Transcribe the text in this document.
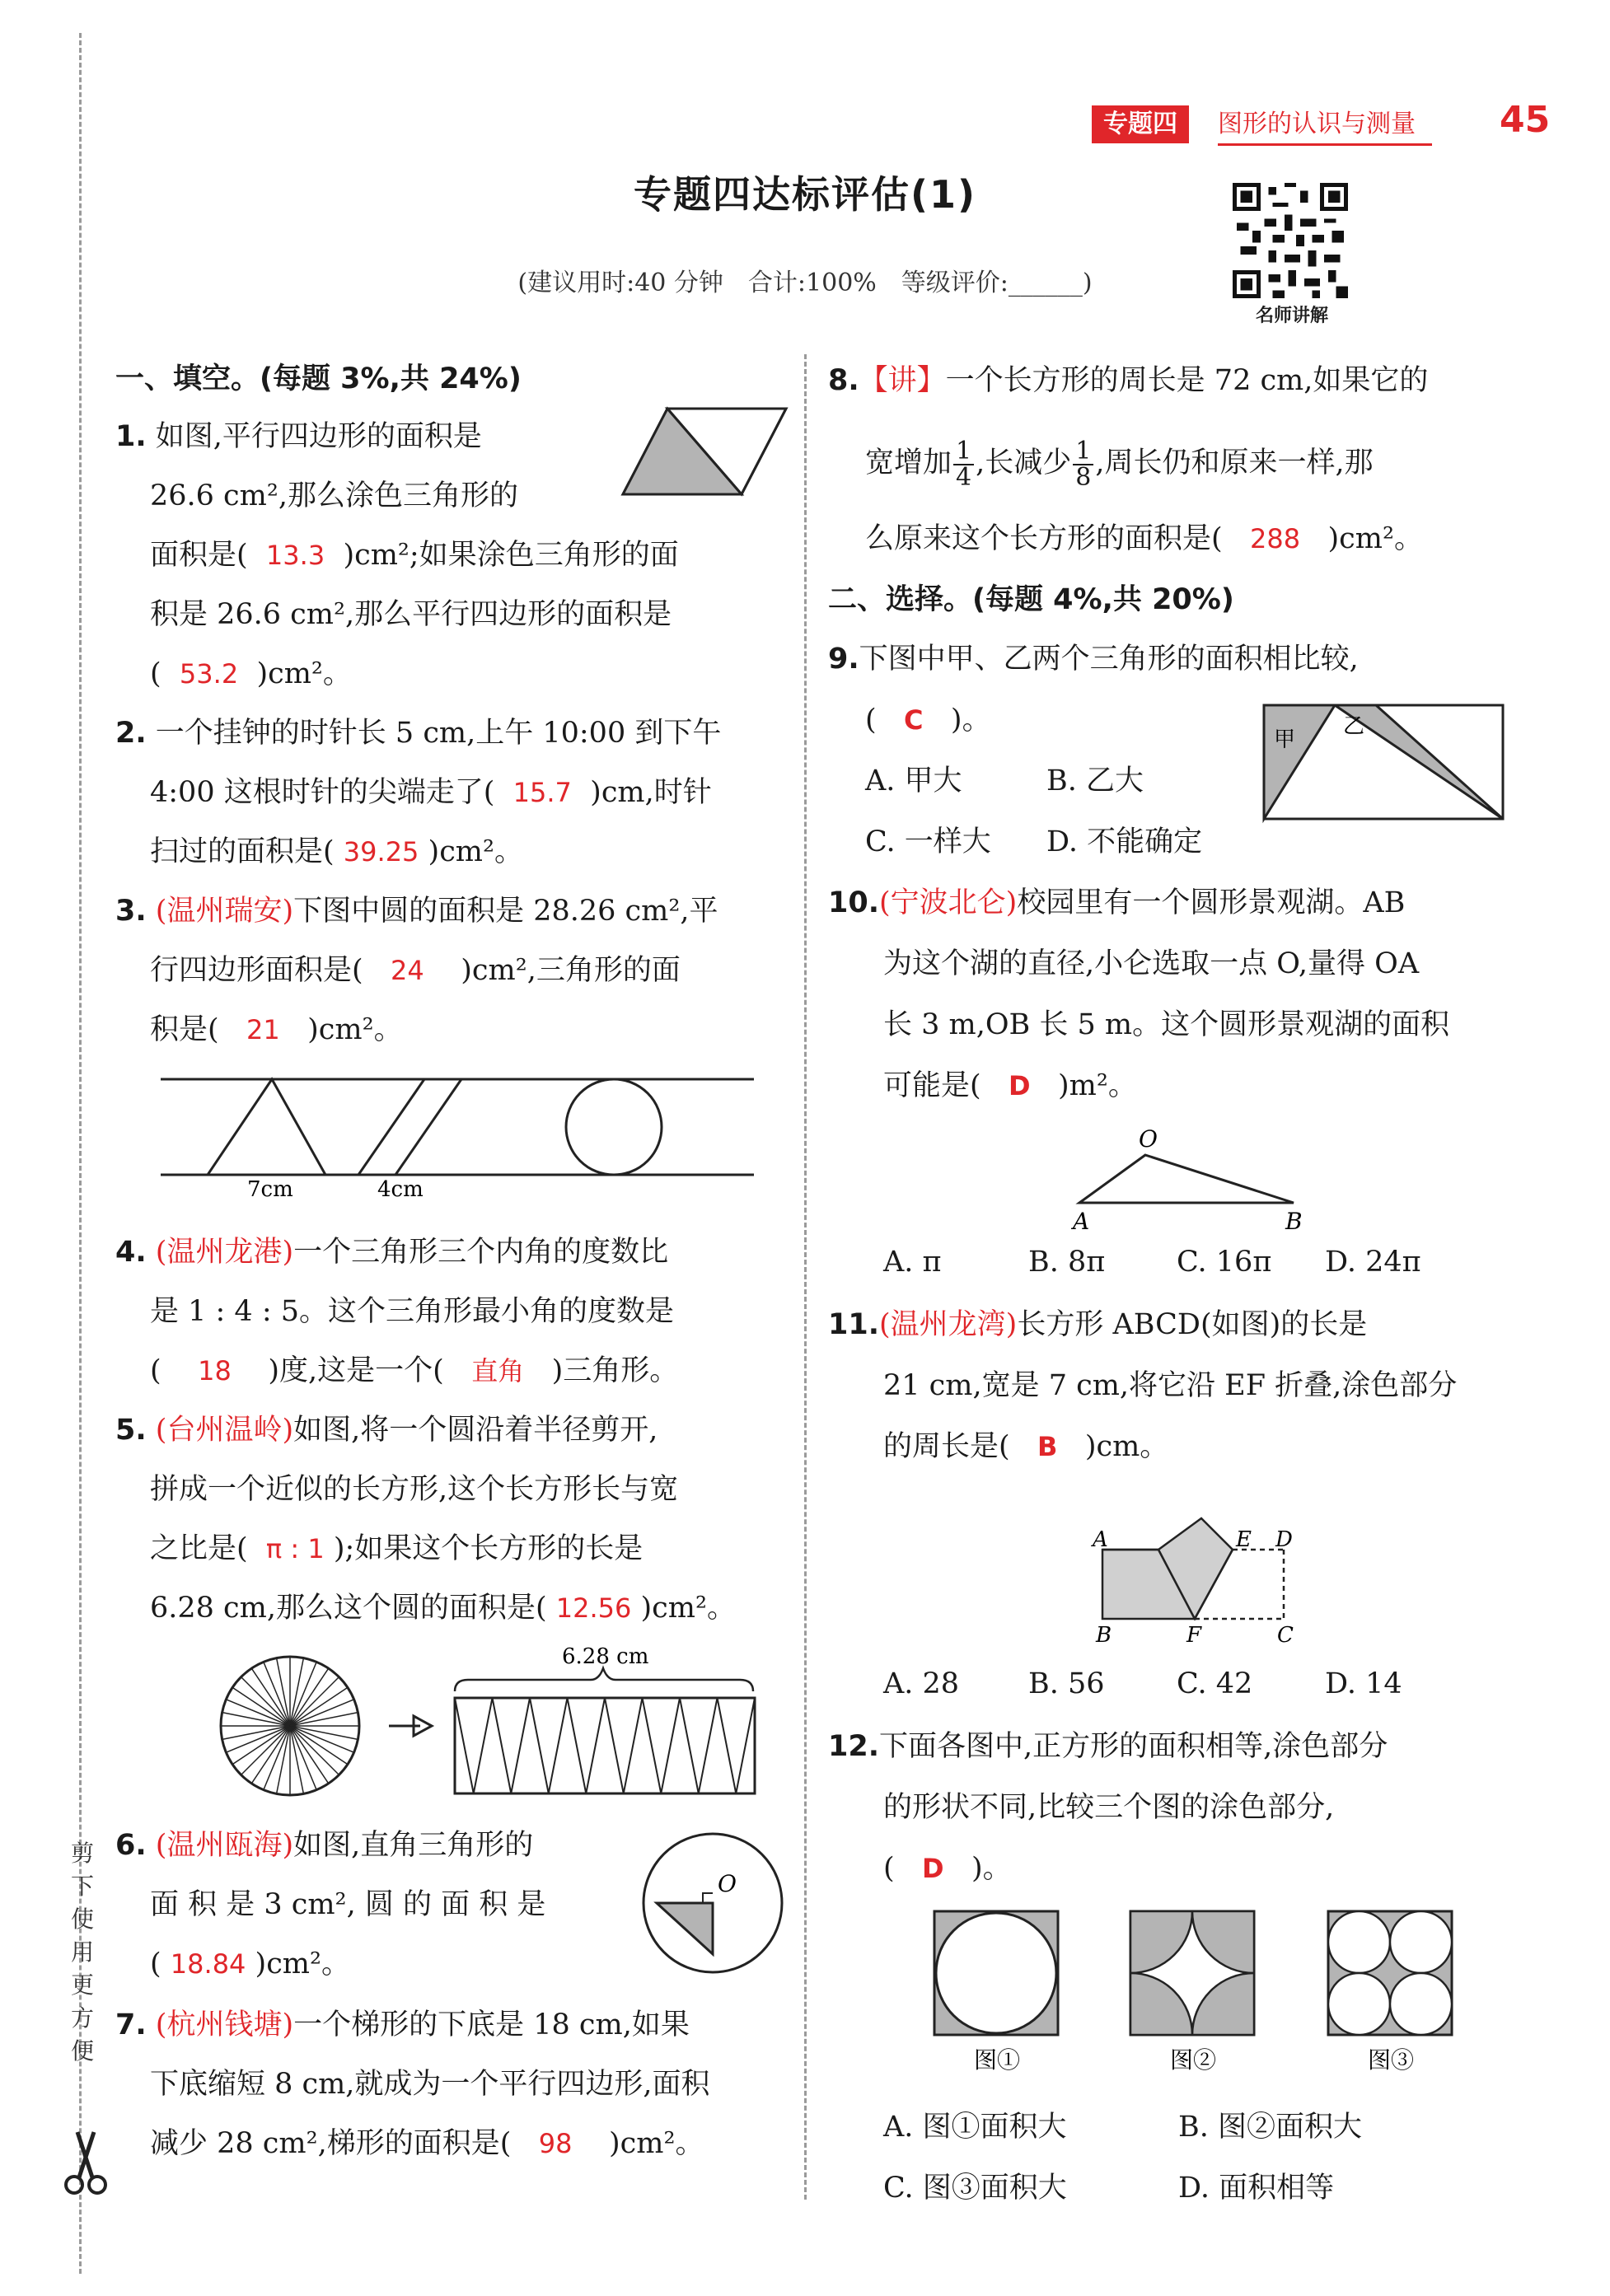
剪
下
使
用
更
方
便
专题四	图形的认识与测量	45
专题四达标评估(1)
(建议用时:40 分钟　合计:100%　等级评价:______)
名师讲解
一、填空。(每题 3%,共 24%)
1. 如图,平行四边形的面积是
26.6 cm²,那么涂色三角形的
面积是( 13.3 )cm²;如果涂色三角形的面
积是 26.6 cm²,那么平行四边形的面积是
( 53.2 )cm²。
2. 一个挂钟的时针长 5 cm,上午 10:00 到下午
4:00 这根时针的尖端走了( 15.7 )cm,时针
扫过的面积是( 39.25 )cm²。
3. (温州瑞安)下图中圆的面积是 28.26 cm²,平
行四边形面积是( 24 )cm²,三角形的面
积是( 21 )cm²。
7cm	4cm
4. (温州龙港)一个三角形三个内角的度数比
是 1 : 4 : 5。这个三角形最小角的度数是
( 18 )度,这是一个( 直角 )三角形。
5. (台州温岭)如图,将一个圆沿着半径剪开,
拼成一个近似的长方形,这个长方形长与宽
之比是( π : 1 );如果这个长方形的长是
6.28 cm,那么这个圆的面积是( 12.56 )cm²。
6.28 cm
6. (温州瓯海)如图,直角三角形的
面 积 是 3 cm², 圆 的 面 积 是
( 18.84 )cm²。
O
7. (杭州钱塘)一个梯形的下底是 18 cm,如果
下底缩短 8 cm,就成为一个平行四边形,面积
减少 28 cm²,梯形的面积是( 98 )cm²。
8.【讲】一个长方形的周长是 72 cm,如果它的
宽增加 $\frac{1}{4}$ ,长减少 $\frac{1}{8}$ ,周长仍和原来一样,那
么原来这个长方形的面积是( 288 )cm²。
二、选择。(每题 4%,共 20%)
9.下图中甲、乙两个三角形的面积相比较,
( C )。
A. 甲大	B. 乙大
C. 一样大 D. 不能确定
甲
乙
10.(宁波北仑)校园里有一个圆形景观湖。AB
为这个湖的直径,小仑选取一点 O,量得 OA
长 3 m,OB 长 5 m。这个圆形景观湖的面积
可能是( D )m²。
O
A	B
A. π	B. 8π C. 16π D. 24π
11.(温州龙湾)长方形 ABCD(如图)的长是
21 cm,宽是 7 cm,将它沿 EF 折叠,涂色部分
的周长是( B )cm。
A	E D
B	F	C
A. 28 B. 56 C. 42	D. 14
12.下面各图中,正方形的面积相等,涂色部分
的形状不同,比较三个图的涂色部分,
( D )。
图①	图②	图③
A. 图①面积大	B. 图②面积大
C. 图③面积大	D. 面积相等
